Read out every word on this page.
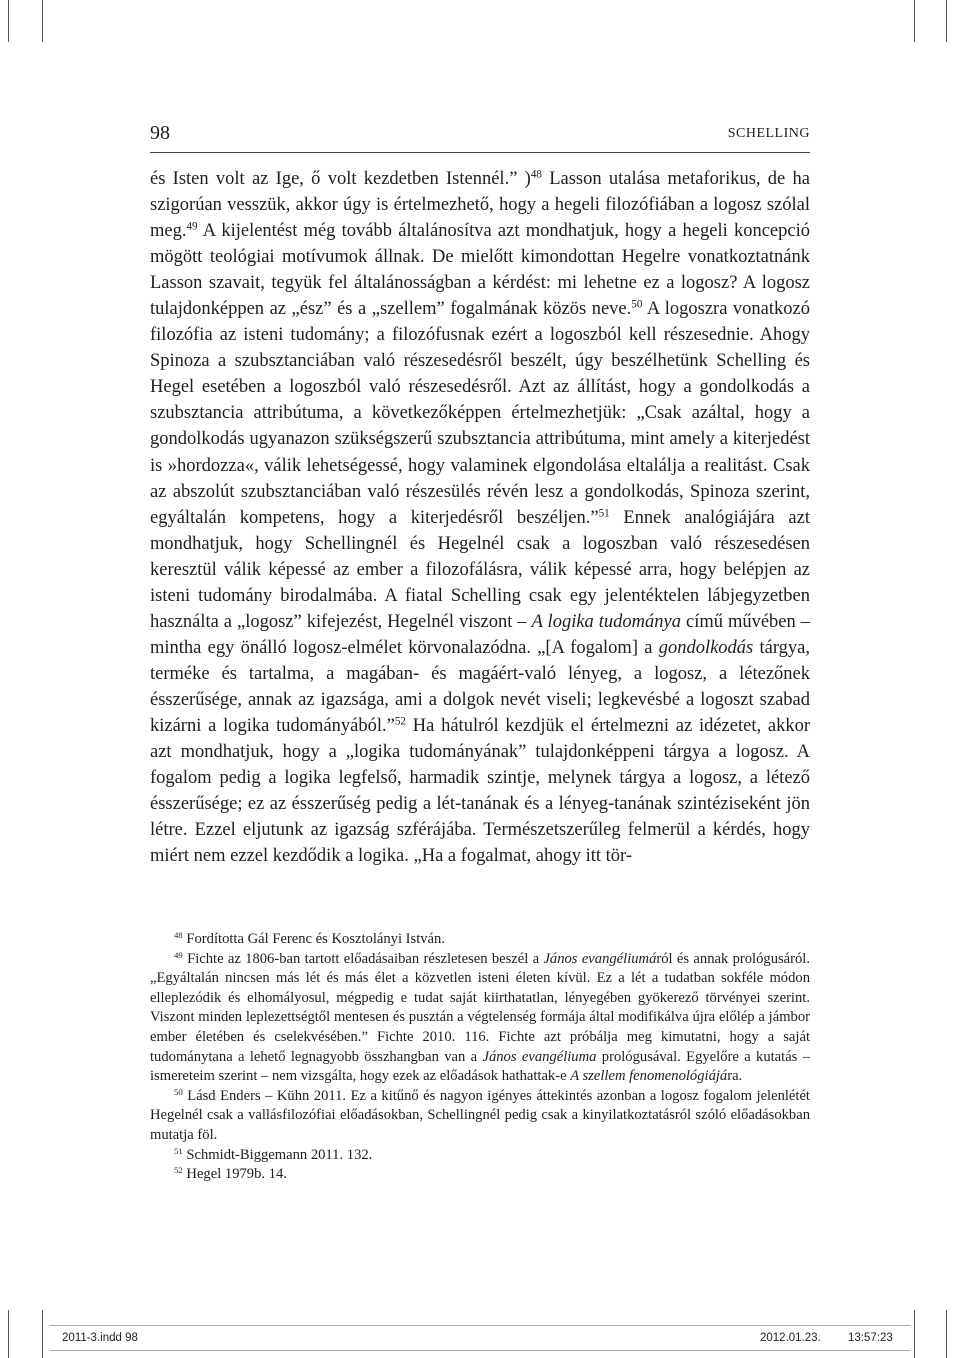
98	SCHELLING

és Isten volt az Ige, ő volt kezdetben Istennél.” )$^{48}$ Lasson utalása metaforikus, de ha szigorúan vesszük, akkor úgy is értelmezhető, hogy a hegeli filozófiában a logosz szólal meg.$^{49}$ A kijelentést még tovább általánosítva azt mondhatjuk, hogy a hegeli koncepció mögött teológiai motívumok állnak. De mielőtt kimondottan Hegelre vonatkoztatnánk Lasson szavait, tegyük fel általánosságban a kérdést: mi lehetne ez a logosz? A logosz tulajdonképpen az „ész” és a „szellem” fogalmának közös neve.$^{50}$ A logoszra vonatkozó filozófia az isteni tudomány; a filozófusnak ezért a logoszból kell részesednie. Ahogy Spinoza a szubsztanciában való részesedésről beszélt, úgy beszélhetünk Schelling és Hegel esetében a logoszból való részesedésről. Azt az állítást, hogy a gondolkodás a szubsztancia attribútuma, a következőképpen értelmezhetjük: „Csak azáltal, hogy a gondolkodás ugyanazon szükségszerű szubsztancia attribútuma, mint amely a kiterjedést is »hordozza«, válik lehetségessé, hogy valaminek elgondolása eltalálja a realitást. Csak az abszolút szubsztanciában való részesülés révén lesz a gondolkodás, Spinoza szerint, egyáltalán kompetens, hogy a kiterjedésről beszéljen.”$^{51}$ Ennek analógiájára azt mondhatjuk, hogy Schellingnél és Hegelnél csak a logoszban való részesedésen keresztül válik képessé az ember a filozofálásra, válik képessé arra, hogy belépjen az isteni tudomány birodalmába. A fiatal Schelling csak egy jelentéktelen lábjegyzetben használta a „logosz” kifejezést, Hegelnél viszont – A logika tudománya című művében – mintha egy önálló logosz-elmélet körvonalazódna. „[A fogalom] a gondolkodás tárgya, terméke és tartalma, a magában- és magáért-való lényeg, a logosz, a létezőnek ésszerűsége, annak az igazsága, ami a dolgok nevét viseli; legkevésbé a logoszt szabad kizárni a logika tudományából.”$^{52}$ Ha hátulról kezdjük el értelmezni az idézetet, akkor azt mondhatjuk, hogy a „logika tudományának” tulajdonképpeni tárgya a logosz. A fogalom pedig a logika legfelső, harmadik szintje, melynek tárgya a logosz, a létező ésszerűsége; ez az ésszerűség pedig a lét-tanának és a lényeg-tanának szintéziseként jön létre. Ezzel eljutunk az igazság szférájába. Természetszerűleg felmerül a kérdés, hogy miért nem ezzel kezdődik a logika. „Ha a fogalmat, ahogy itt tör-

$^{48}$ Fordította Gál Ferenc és Kosztolányi István.

$^{49}$ Fichte az 1806-ban tartott előadásaiban részletesen beszél a János evangéliumáról és annak prológusáról. „Egyáltalán nincsen más lét és más élet a közvetlen isteni életen kívül. Ez a lét a tudatban sokféle módon elleplezódik és elhomályosul, mégpedig e tudat saját kiirthatatlan, lényegében gyökerező törvényei szerint. Viszont minden leplezettségtől mentesen és pusztán a végtelenség formája által modifikálva újra előlép a jámbor ember életében és cselekvésében.” Fichte 2010. 116. Fichte azt próbálja meg kimutatni, hogy a saját tudománytana a lehető legnagyobb összhangban van a János evangéliuma prológusával. Egyelőre a kutatás – ismereteim szerint – nem vizsgálta, hogy ezek az előadások hathattak-e A szellem fenomenológiájára.

$^{50}$ Lásd Enders – Kühn 2011. Ez a kitűnő és nagyon igényes áttekintés azonban a logosz fogalom jelenlétét Hegelnél csak a vallásfilozófiai előadásokban, Schellingnél pedig csak a kinyilatkoztatásról szóló előadásokban mutatja föl.

$^{51}$ Schmidt-Biggemann 2011. 132.

$^{52}$ Hegel 1979b. 14.

2011-3.indd 98	2012.01.23. 13:57:23
